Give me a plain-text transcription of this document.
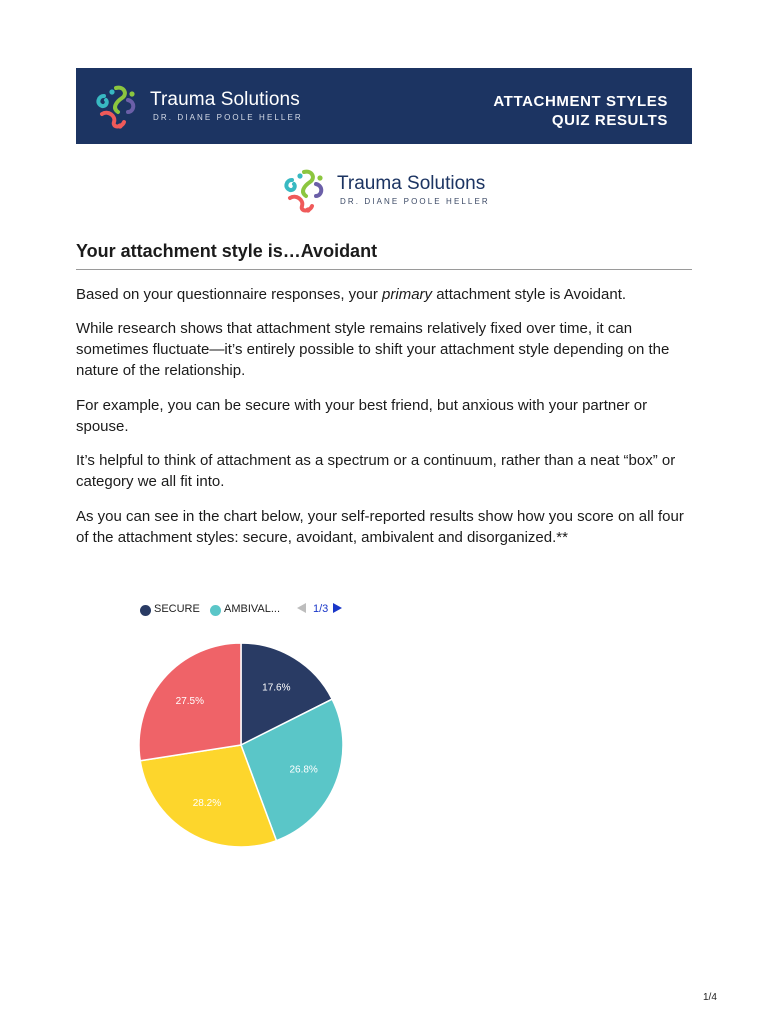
Trauma Solutions
DR. DIANE POOLE HELLER
ATTACHMENT STYLES
QUIZ RESULTS
Trauma Solutions
DR. DIANE POOLE HELLER
Your attachment style is…Avoidant

Based on your questionnaire responses, your primary attachment style is Avoidant.

While research shows that attachment style remains relatively fixed over time, it can sometimes fluctuate—it’s entirely possible to shift your attachment style depending on the nature of the relationship.

For example, you can be secure with your best friend, but anxious with your partner or spouse.

It’s helpful to think of attachment as a spectrum or a continuum, rather than a neat “box” or category we all fit into.

As you can see in the chart below, your self-reported results show how you score on all four of the attachment styles: secure, avoidant, ambivalent and disorganized.**

SECURE AMBIVAL...	1/3
17.6%
26.8%
28.2%
27.5%
1/4
